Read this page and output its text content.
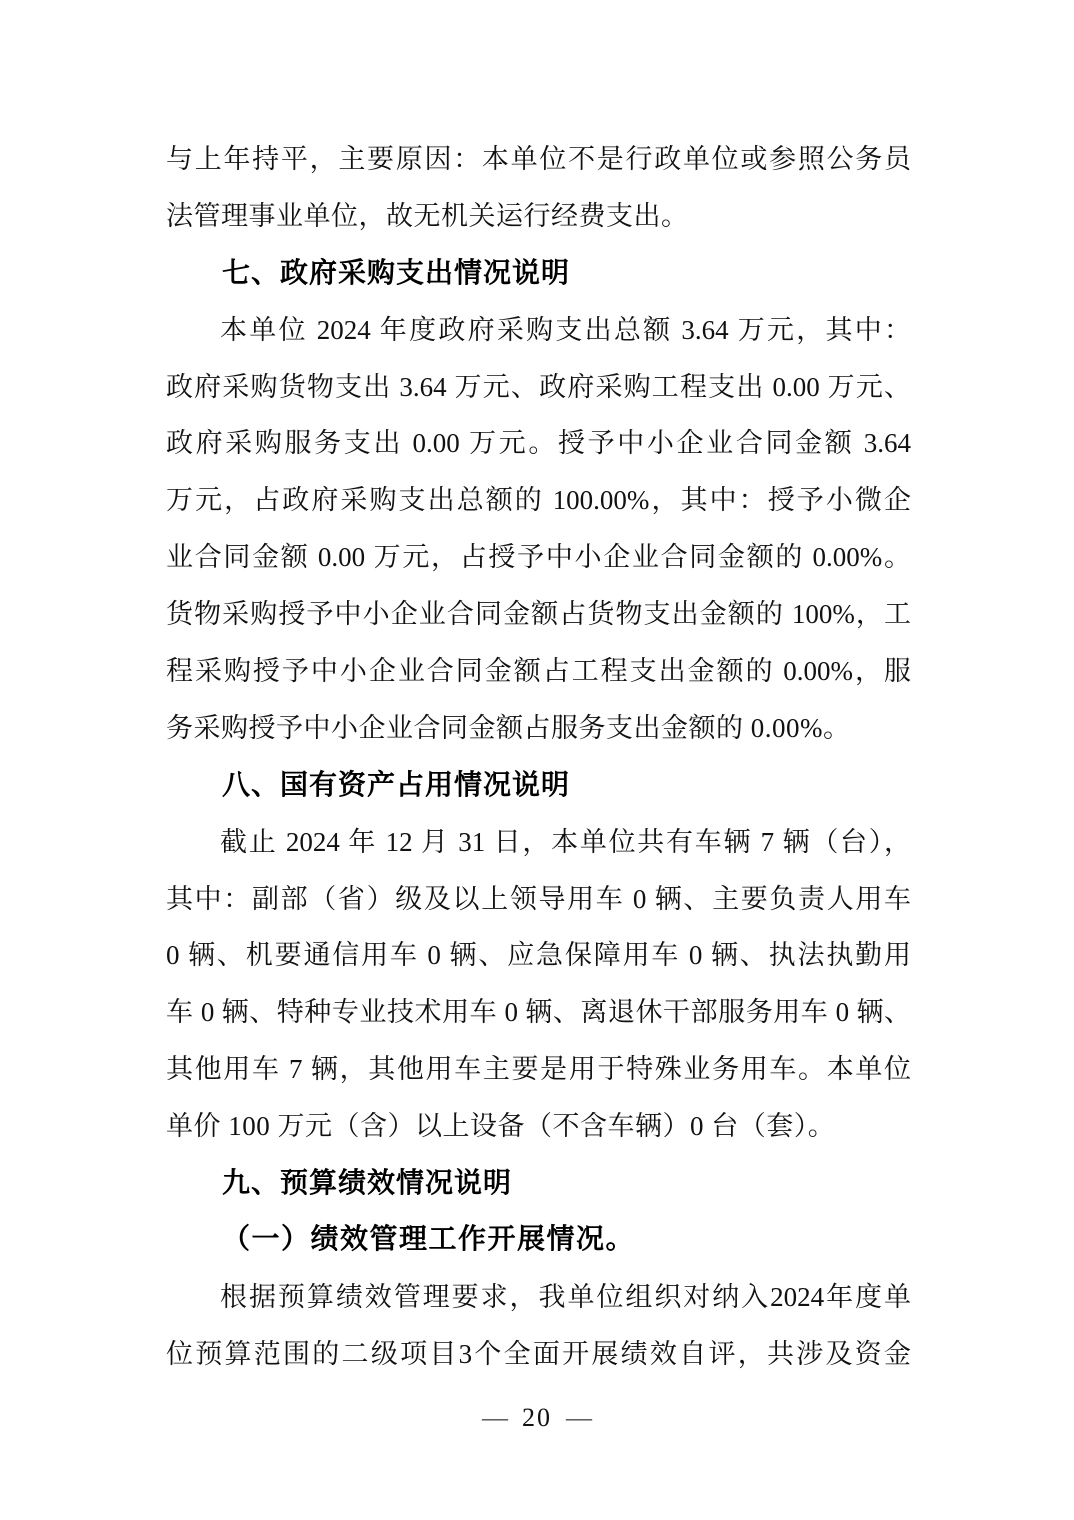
与上年持平，主要原因：本单位不是行政单位或参照公务员
法管理事业单位，故无机关运行经费支出。
七、政府采购支出情况说明
本单位 2024 年度政府采购支出总额 3.64 万元，其中：
政府采购货物支出 3.64 万元、政府采购工程支出 0.00 万元、
政府采购服务支出 0.00 万元。授予中小企业合同金额 3.64
万元，占政府采购支出总额的 100.00%，其中：授予小微企
业合同金额 0.00 万元，占授予中小企业合同金额的 0.00%。
货物采购授予中小企业合同金额占货物支出金额的 100%，工
程采购授予中小企业合同金额占工程支出金额的 0.00%，服
务采购授予中小企业合同金额占服务支出金额的 0.00%。
八、国有资产占用情况说明
截止 2024 年 12 月 31 日，本单位共有车辆 7 辆（台），
其中：副部（省）级及以上领导用车 0 辆、主要负责人用车
0 辆、机要通信用车 0 辆、应急保障用车 0 辆、执法执勤用
车 0 辆、特种专业技术用车 0 辆、离退休干部服务用车 0 辆、
其他用车 7 辆，其他用车主要是用于特殊业务用车。本单位
单价 100 万元（含）以上设备（不含车辆）0 台（套）。
九、预算绩效情况说明
（一）绩效管理工作开展情况。
根据预算绩效管理要求，我单位组织对纳入2024年度单
位预算范围的二级项目3个全面开展绩效自评，共涉及资金
— 20 —
